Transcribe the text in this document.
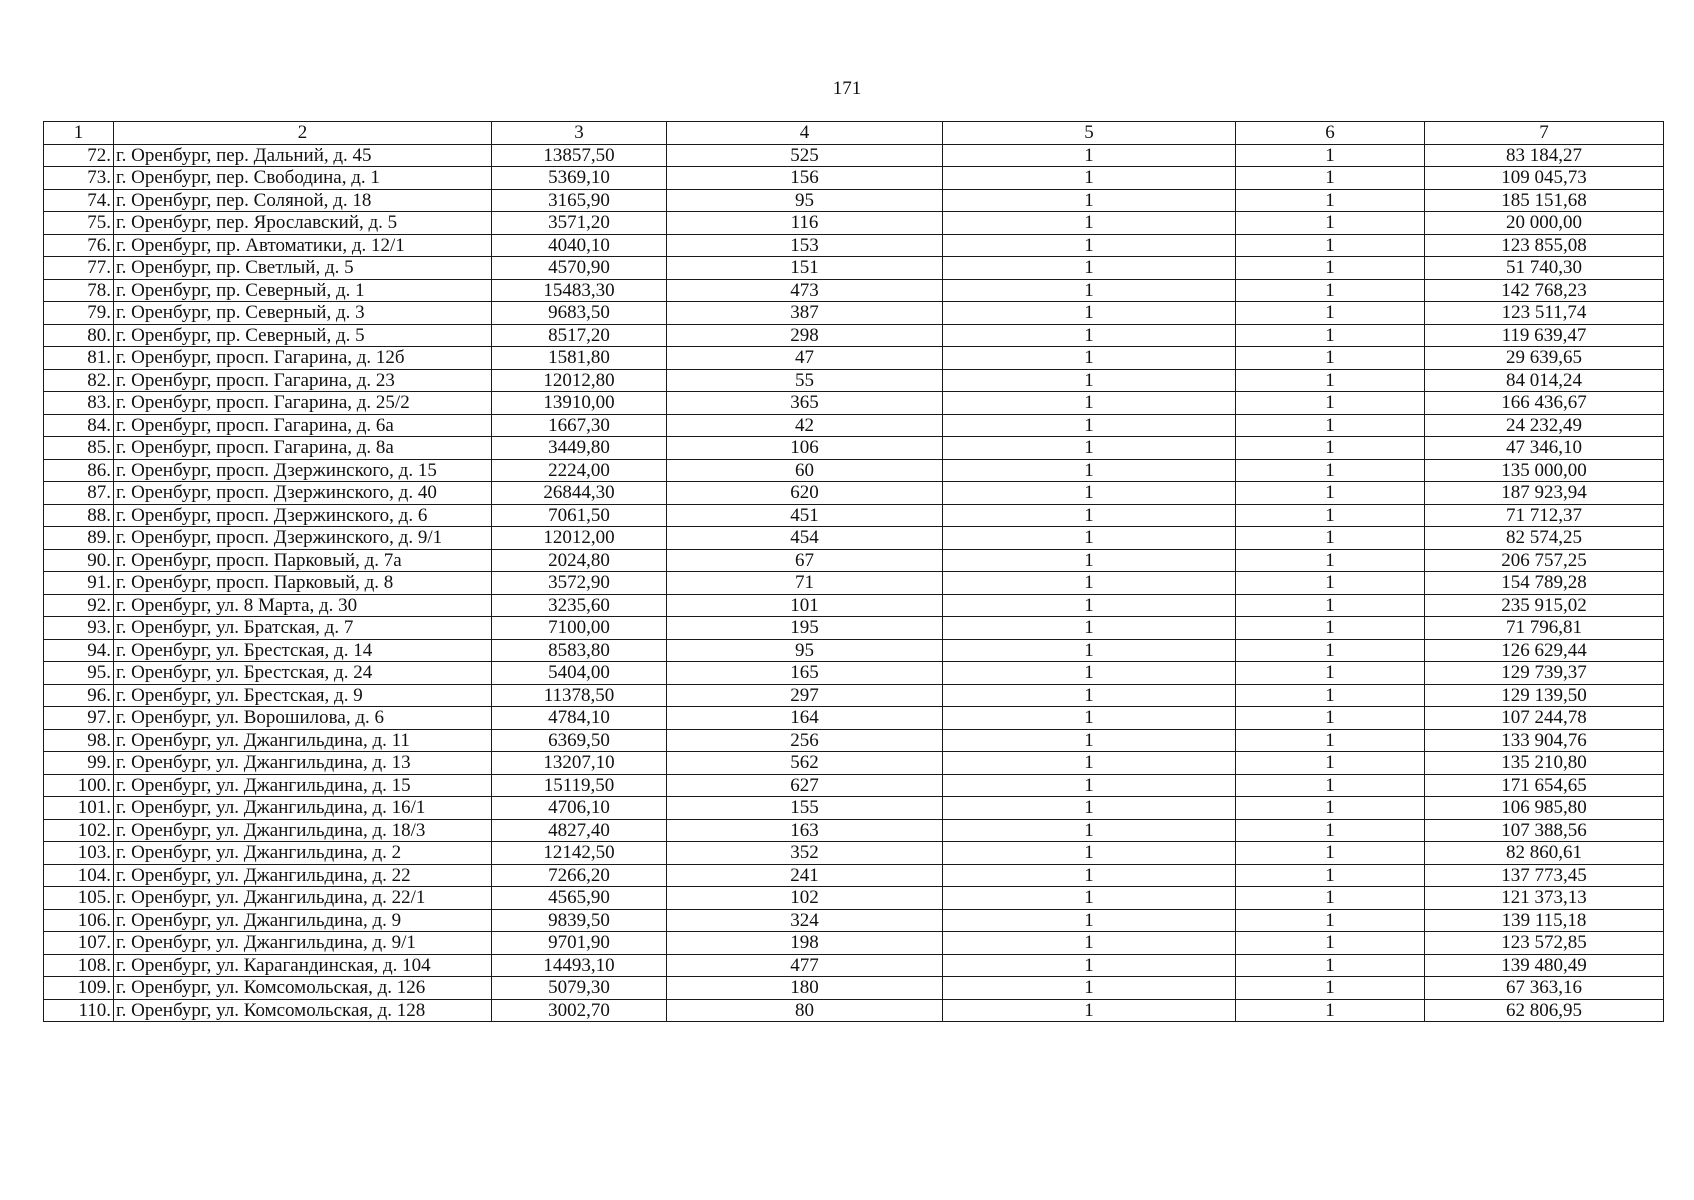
171
1	2	3	4	5	6	7
72.	г. Оренбург, пер. Дальний, д. 45	13857,50	525	1	1	83 184,27
73.	г. Оренбург, пер. Свободина, д. 1	5369,10	156	1	1	109 045,73
74.	г. Оренбург, пер. Соляной, д. 18	3165,90	95	1	1	185 151,68
75.	г. Оренбург, пер. Ярославский, д. 5	3571,20	116	1	1	20 000,00
76.	г. Оренбург, пр. Автоматики, д. 12/1	4040,10	153	1	1	123 855,08
77.	г. Оренбург, пр. Светлый, д. 5	4570,90	151	1	1	51 740,30
78.	г. Оренбург, пр. Северный, д. 1	15483,30	473	1	1	142 768,23
79.	г. Оренбург, пр. Северный, д. 3	9683,50	387	1	1	123 511,74
80.	г. Оренбург, пр. Северный, д. 5	8517,20	298	1	1	119 639,47
81.	г. Оренбург, просп. Гагарина, д. 12б	1581,80	47	1	1	29 639,65
82.	г. Оренбург, просп. Гагарина, д. 23	12012,80	55	1	1	84 014,24
83.	г. Оренбург, просп. Гагарина, д. 25/2	13910,00	365	1	1	166 436,67
84.	г. Оренбург, просп. Гагарина, д. 6а	1667,30	42	1	1	24 232,49
85.	г. Оренбург, просп. Гагарина, д. 8а	3449,80	106	1	1	47 346,10
86.	г. Оренбург, просп. Дзержинского, д. 15	2224,00	60	1	1	135 000,00
87.	г. Оренбург, просп. Дзержинского, д. 40	26844,30	620	1	1	187 923,94
88.	г. Оренбург, просп. Дзержинского, д. 6	7061,50	451	1	1	71 712,37
89.	г. Оренбург, просп. Дзержинского, д. 9/1	12012,00	454	1	1	82 574,25
90.	г. Оренбург, просп. Парковый, д. 7а	2024,80	67	1	1	206 757,25
91.	г. Оренбург, просп. Парковый, д. 8	3572,90	71	1	1	154 789,28
92.	г. Оренбург, ул. 8 Марта, д. 30	3235,60	101	1	1	235 915,02
93.	г. Оренбург, ул. Братская, д. 7	7100,00	195	1	1	71 796,81
94.	г. Оренбург, ул. Брестская, д. 14	8583,80	95	1	1	126 629,44
95.	г. Оренбург, ул. Брестская, д. 24	5404,00	165	1	1	129 739,37
96.	г. Оренбург, ул. Брестская, д. 9	11378,50	297	1	1	129 139,50
97.	г. Оренбург, ул. Ворошилова, д. 6	4784,10	164	1	1	107 244,78
98.	г. Оренбург, ул. Джангильдина, д. 11	6369,50	256	1	1	133 904,76
99.	г. Оренбург, ул. Джангильдина, д. 13	13207,10	562	1	1	135 210,80
100.	г. Оренбург, ул. Джангильдина, д. 15	15119,50	627	1	1	171 654,65
101.	г. Оренбург, ул. Джангильдина, д. 16/1	4706,10	155	1	1	106 985,80
102.	г. Оренбург, ул. Джангильдина, д. 18/3	4827,40	163	1	1	107 388,56
103.	г. Оренбург, ул. Джангильдина, д. 2	12142,50	352	1	1	82 860,61
104.	г. Оренбург, ул. Джангильдина, д. 22	7266,20	241	1	1	137 773,45
105.	г. Оренбург, ул. Джангильдина, д. 22/1	4565,90	102	1	1	121 373,13
106.	г. Оренбург, ул. Джангильдина, д. 9	9839,50	324	1	1	139 115,18
107.	г. Оренбург, ул. Джангильдина, д. 9/1	9701,90	198	1	1	123 572,85
108.	г. Оренбург, ул. Карагандинская, д. 104	14493,10	477	1	1	139 480,49
109.	г. Оренбург, ул. Комсомольская, д. 126	5079,30	180	1	1	67 363,16
110.	г. Оренбург, ул. Комсомольская, д. 128	3002,70	80	1	1	62 806,95
